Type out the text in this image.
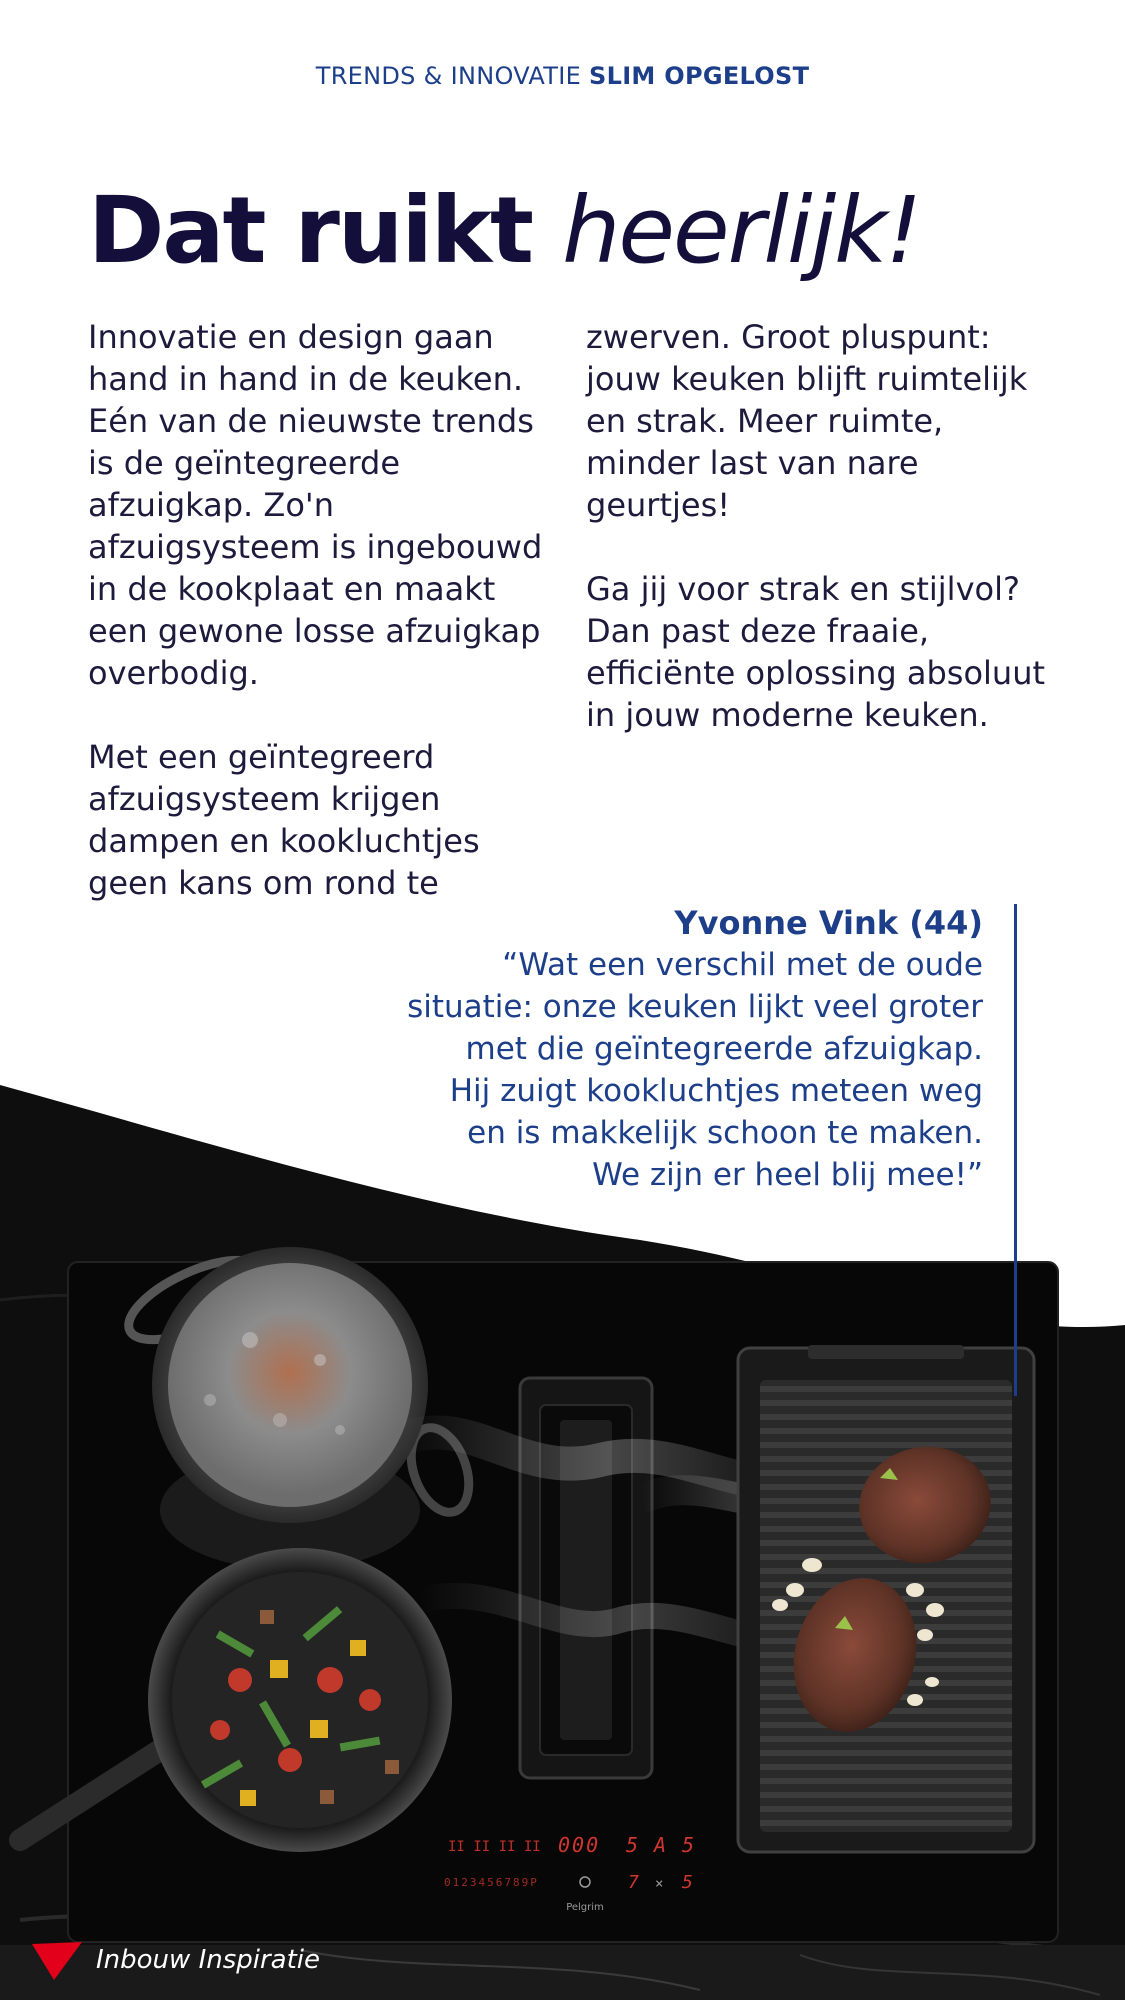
II II II II
0123456789P
000 5 A 5
7 × 5
Pelgrim
TRENDS & INNOVATIE SLIM OPGELOST
Dat ruikt heerlijk!

Innovatie en design gaan hand in hand in de keuken. Eén van de nieuwste trends is de geïntegreerde afzuigkap. Zo'n afzuigsysteem is ingebouwd in de kookplaat en maakt een gewone losse afzuigkap overbodig.

Met een geïntegreerd afzuigsysteem krijgen dampen en kookluchtjes geen kans om rond te

zwerven. Groot pluspunt: jouw keuken blijft ruimtelijk en strak. Meer ruimte, minder last van nare geurtjes!

Ga jij voor strak en stijlvol? Dan past deze fraaie, efficiënte oplossing absoluut in jouw moderne keuken.

Yvonne Vink (44)
“Wat een verschil met de oude
situatie: onze keuken lijkt veel groter
met die geïntegreerde afzuigkap.
Hij zuigt kookluchtjes meteen weg
en is makkelijk schoon te maken.
We zijn er heel blij mee!”
Inbouw Inspiratie
